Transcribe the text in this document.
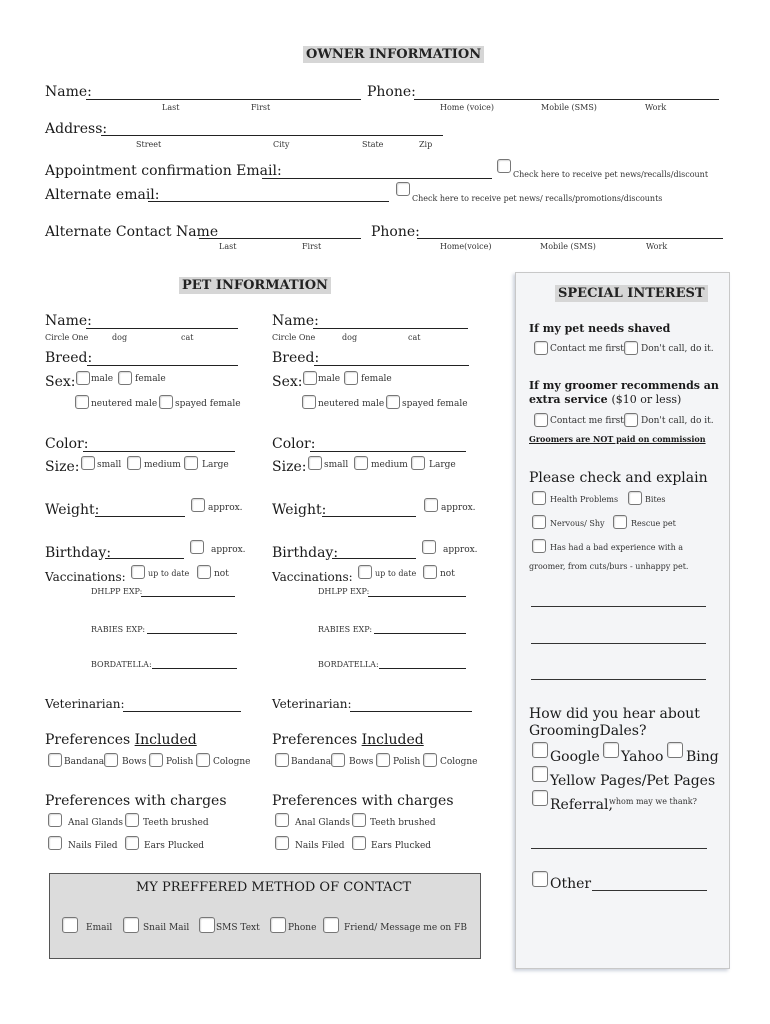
OWNER INFORMATION
Name:
Last	First
Phone:
Home (voice)	Mobile (SMS)	Work
Address:
Street	City	State	Zip
Appointment confirmation Email:	Check here to receive pet news/recalls/discount
Alternate email:	Check here to receive pet news/ recalls/promotions/discounts
Alternate Contact Name
Last	First
Phone:
Home(voice)	Mobile (SMS)	Work
PET INFORMATION
Name:
Circle One	dog	cat
Breed:
Sex: male female
neutered male spayed female
Color:
Size: small	medium Large
Weight:	approx.
Birthday:	approx.
Vaccinations:	up to date	not
DHLPP EXP:
RABIES EXP:
BORDATELLA:
Veterinarian:
Preferences Included
Bandana Bows Polish Cologne
Preferences with charges
Anal Glands Teeth brushed
Nails Filed	Ears Plucked
Name:
Circle One	dog	cat
Breed:
Sex: male female
neutered male spayed female
Color:
Size: small	medium Large
Weight:	approx.
Birthday:	approx.
Vaccinations:	up to date	not
DHLPP EXP:
RABIES EXP:
BORDATELLA:
Veterinarian:
Preferences Included
Bandana Bows Polish Cologne
Preferences with charges
Anal Glands Teeth brushed
Nails Filed	Ears Plucked
MY PREFFERED METHOD OF CONTACT
Email	Snail Mail	SMS Text	Phone	Friend/ Message me on FB
SPECIAL INTEREST
If my pet needs shaved
Contact me first Don't call, do it.
If my groomer recommends an extra service ($10 or less)
Contact me first Don't call, do it.
Groomers are NOT paid on commission
Please check and explain
Health Problems	Bites
Nervous/ Shy	Rescue pet
Has had a bad experience with a
groomer, from cuts/burs - unhappy pet.
How did you hear about GroomingDales?
Google Yahoo Bing
Yellow Pages/Pet Pages
Referral,
whom may we thank?
Other
